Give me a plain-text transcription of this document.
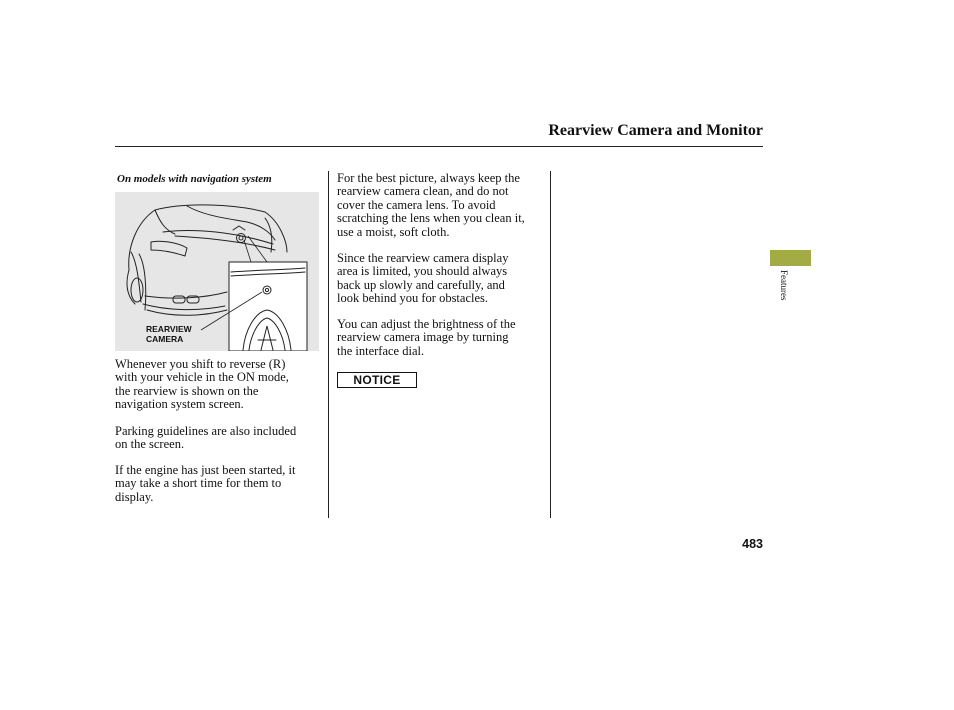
Rearview Camera and Monitor
On models with navigation system
REARVIEW
CAMERA

Whenever you shift to reverse (R)
with your vehicle in the ON mode,
the rearview is shown on the
navigation system screen.

Parking guidelines are also included
on the screen.

If the engine has just been started, it
may take a short time for them to
display.

For the best picture, always keep the
rearview camera clean, and do not
cover the camera lens. To avoid
scratching the lens when you clean it,
use a moist, soft cloth.

Since the rearview camera display
area is limited, you should always
back up slowly and carefully, and
look behind you for obstacles.

You can adjust the brightness of the
rearview camera image by turning
the interface dial.

NOTICE
Features
483
